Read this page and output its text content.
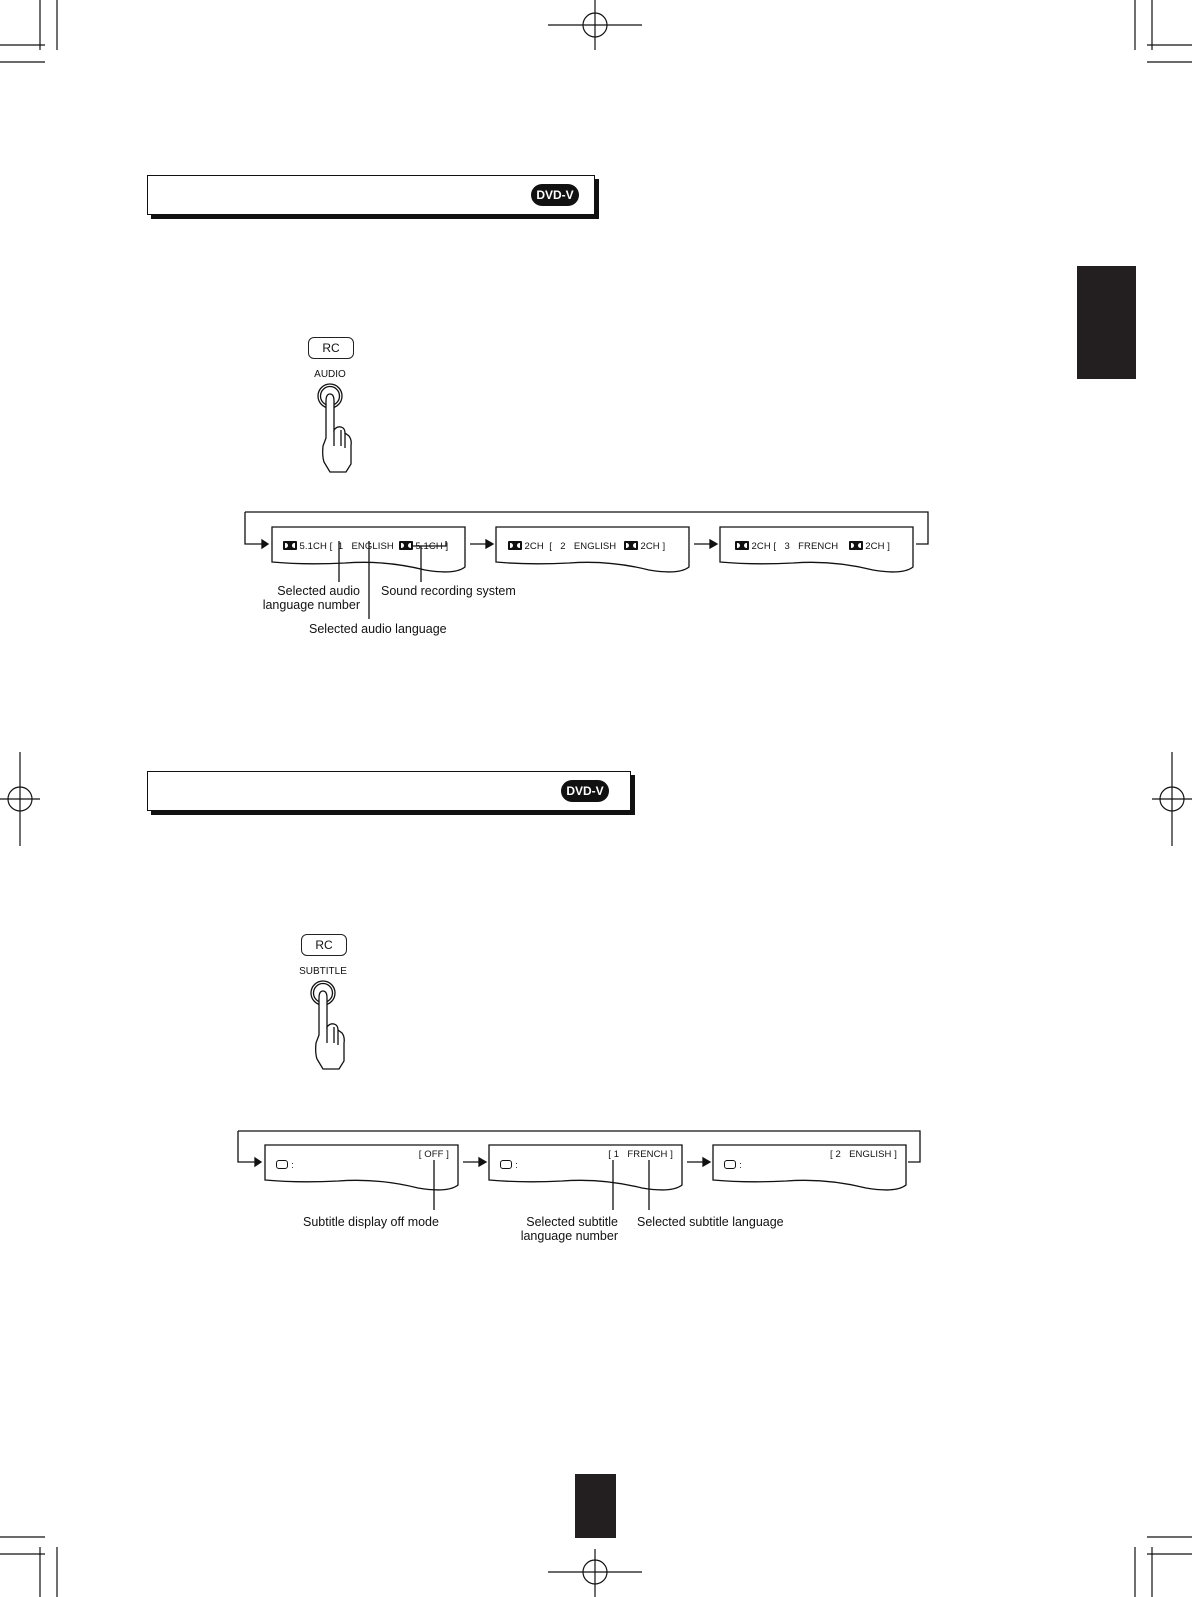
DVD-V
RC
AUDIO

5.1CH [  1   ENGLISH  5.1CH ]	2CH  [   2   ENGLISH   2CH ]	2CH [   3   FRENCH    2CH ]

Selected audio
language number
Sound recording system
Selected audio language
DVD-V
RC
SUBTITLE

:

[ OFF ]

:

[ 1   FRENCH ]

:

[ 2   ENGLISH ]

Subtitle display off mode	Selected subtitle
language number
Selected subtitle language
